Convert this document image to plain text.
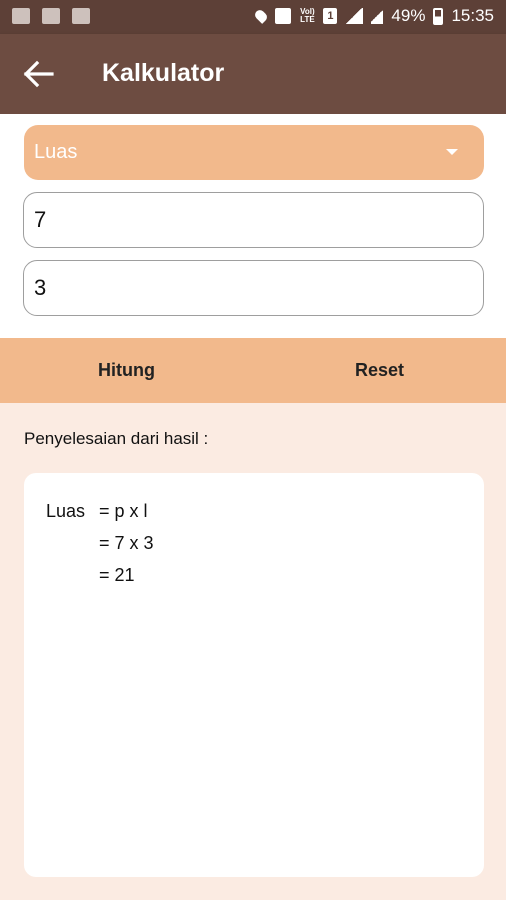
Vol) LTE	1	49% 15:35
Kalkulator
Luas
7
3
Hitung	Reset
Penyelesaian dari hasil :
Luas = p x l
= 7 x 3
= 21
